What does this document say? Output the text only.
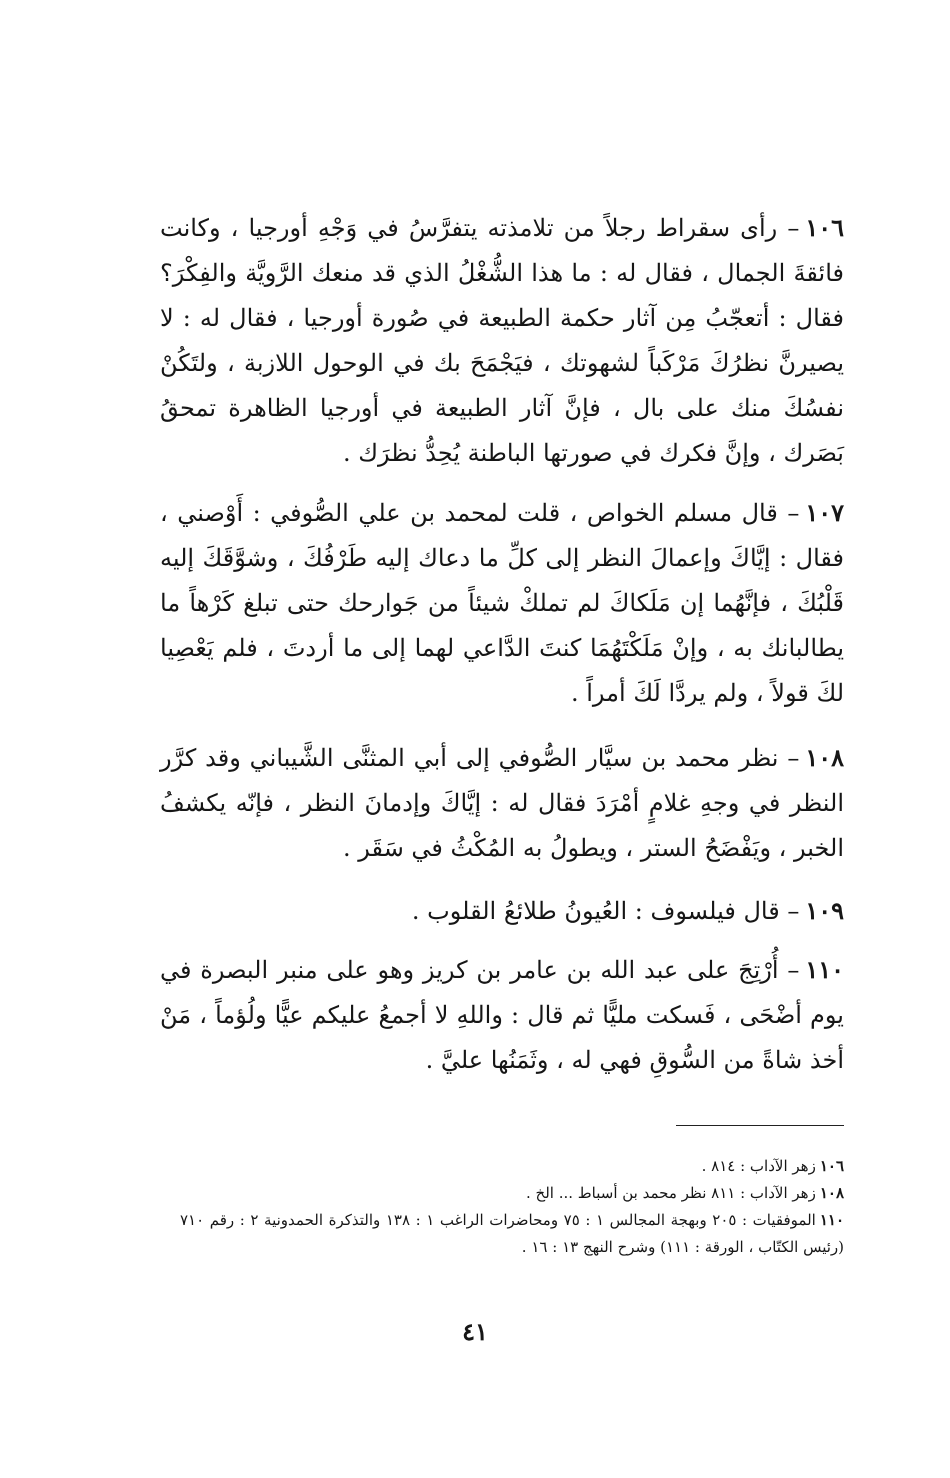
١٠٦– رأى سقراط رجلاً من تلامذته يتفرَّسُ في وَجْهِ أورجيا ، وكانت فائقةَ الجمال ، فقال له : ما هذا الشُّغْلُ الذي قد منعك الرَّويَّة والفِكْرَ؟ فقال : أتعجّبُ مِن آثار حكمة الطبيعة في صُورة أورجيا ، فقال له : لا يصيرنَّ نظرُكَ مَرْكَباً لشهوتك ، فيَجْمَحَ بك في الوحول اللازبة ، ولتَكُنْ نفسُكَ منك على بال ، فإنَّ آثار الطبيعة في أورجيا الظاهرة تمحقُ بَصَرك ، وإنَّ فكرك في صورتها الباطنة يُحِدُّ نظرَك .

١٠٧– قال مسلم الخواص ، قلت لمحمد بن علي الصُّوفي : أَوْصني ، فقال : إيَّاكَ وإعمالَ النظر إلى كلِّ ما دعاك إليه طَرْفُكَ ، وشوَّقَكَ إليه قَلْبُكَ ، فإنَّهُما إن مَلَكاكَ لم تملكْ شيئاً من جَوارحك حتى تبلغ كَرْهاً ما يطالبانك به ، وإنْ مَلَكْتَهُمَا كنتَ الدَّاعي لهما إلى ما أردتَ ، فلم يَعْصِيا لكَ قولاً ، ولم يردَّا لَكَ أمراً .

١٠٨– نظر محمد بن سيَّار الصُّوفي إلى أبي المثنَّى الشَّيباني وقد كرَّر النظر في وجهِ غلامٍ أمْرَدَ فقال له : إيَّاكَ وإدمانَ النظر ، فإنّه يكشفُ الخبر ، ويَفْضَحُ الستر ، ويطولُ به المُكْثُ في سَقَر .

١٠٩– قال فيلسوف : العُيونُ طلائعُ القلوب .

١١٠– أُرْتِجَ على عبد الله بن عامر بن كريز وهو على منبر البصرة في يوم أضْحَى ، فَسكت مليًّا ثم قال : واللهِ لا أجمعُ عليكم عيًّا ولُؤماً ، مَنْ أخذ شاةً من السُّوقِ فهي له ، وثَمَنُها عليَّ .

١٠٦زهر الآداب : ٨١٤ .

١٠٨زهر الآداب : ٨١١ نظر محمد بن أسباط ... الخ .

١١٠الموفقيات : ٢٠٥ وبهجة المجالس ١ : ٧٥ ومحاضرات الراغب ١ : ١٣٨ والتذكرة الحمدونية ٢ : رقم ٧١٠ (رئيس الكتّاب ، الورقة : ١١١) وشرح النهج ١٣ : ١٦ .

٤١
